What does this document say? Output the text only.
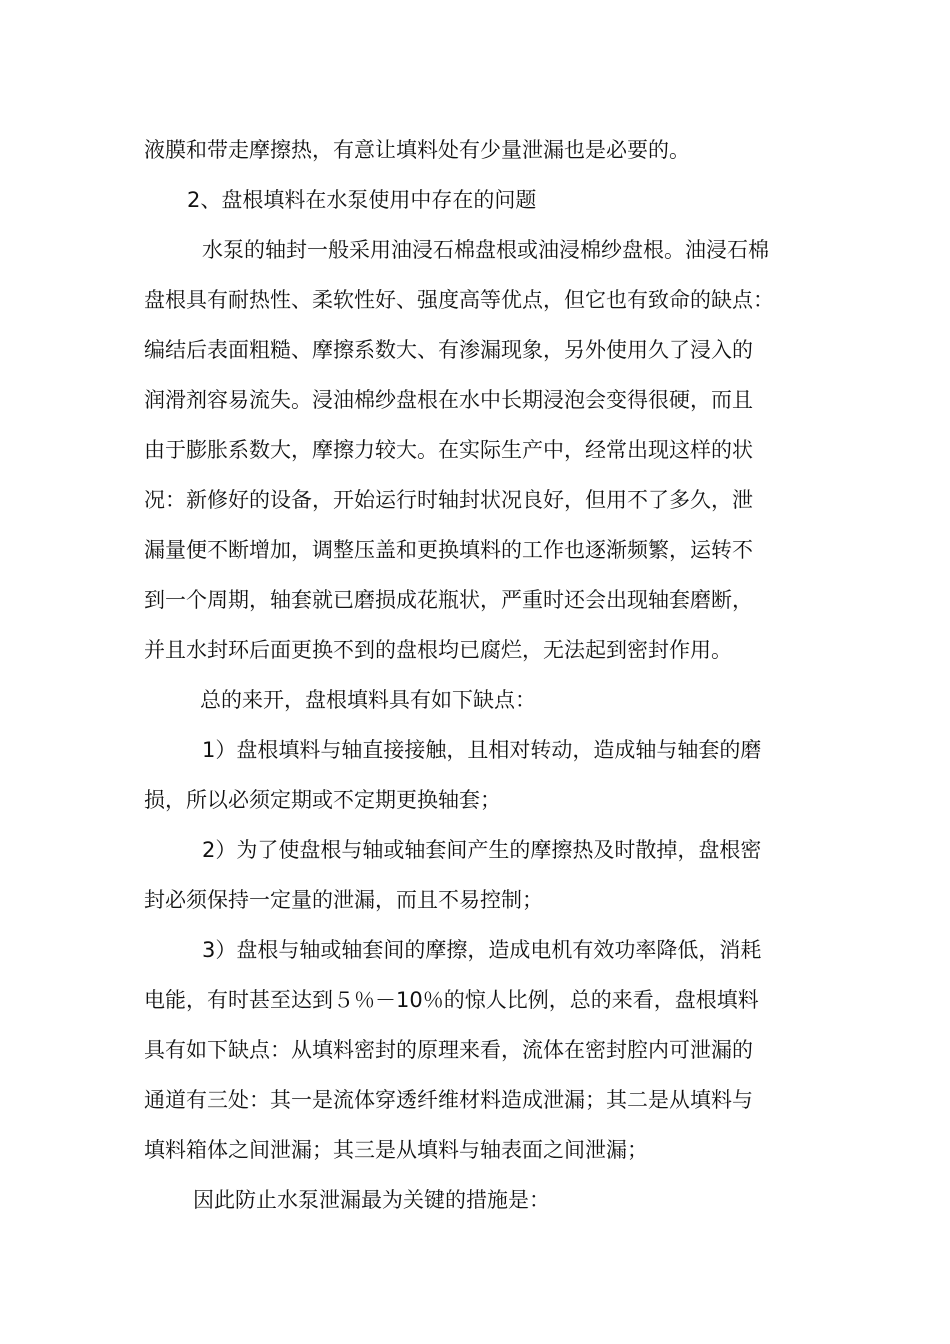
液膜和带走摩擦热，有意让填料处有少量泄漏也是必要的。
2、盘根填料在水泵使用中存在的问题
水泵的轴封一般采用油浸石棉盘根或油浸棉纱盘根。油浸石棉
盘根具有耐热性、柔软性好、强度高等优点，但它也有致命的缺点：
编结后表面粗糙、摩擦系数大、有渗漏现象，另外使用久了浸入的
润滑剂容易流失。浸油棉纱盘根在水中长期浸泡会变得很硬，而且
由于膨胀系数大，摩擦力较大。在实际生产中，经常出现这样的状
况：新修好的设备，开始运行时轴封状况良好，但用不了多久，泄
漏量便不断增加，调整压盖和更换填料的工作也逐渐频繁，运转不
到一个周期，轴套就已磨损成花瓶状，严重时还会出现轴套磨断，
并且水封环后面更换不到的盘根均已腐烂，无法起到密封作用。
总的来开，盘根填料具有如下缺点：
1）盘根填料与轴直接接触，且相对转动，造成轴与轴套的磨
损，所以必须定期或不定期更换轴套；
2）为了使盘根与轴或轴套间产生的摩擦热及时散掉，盘根密
封必须保持一定量的泄漏，而且不易控制；
3）盘根与轴或轴套间的摩擦，造成电机有效功率降低，消耗
电能，有时甚至达到５％－10％的惊人比例，总的来看，盘根填料
具有如下缺点：从填料密封的原理来看，流体在密封腔内可泄漏的
通道有三处：其一是流体穿透纤维材料造成泄漏；其二是从填料与
填料箱体之间泄漏；其三是从填料与轴表面之间泄漏；
因此防止水泵泄漏最为关键的措施是：
